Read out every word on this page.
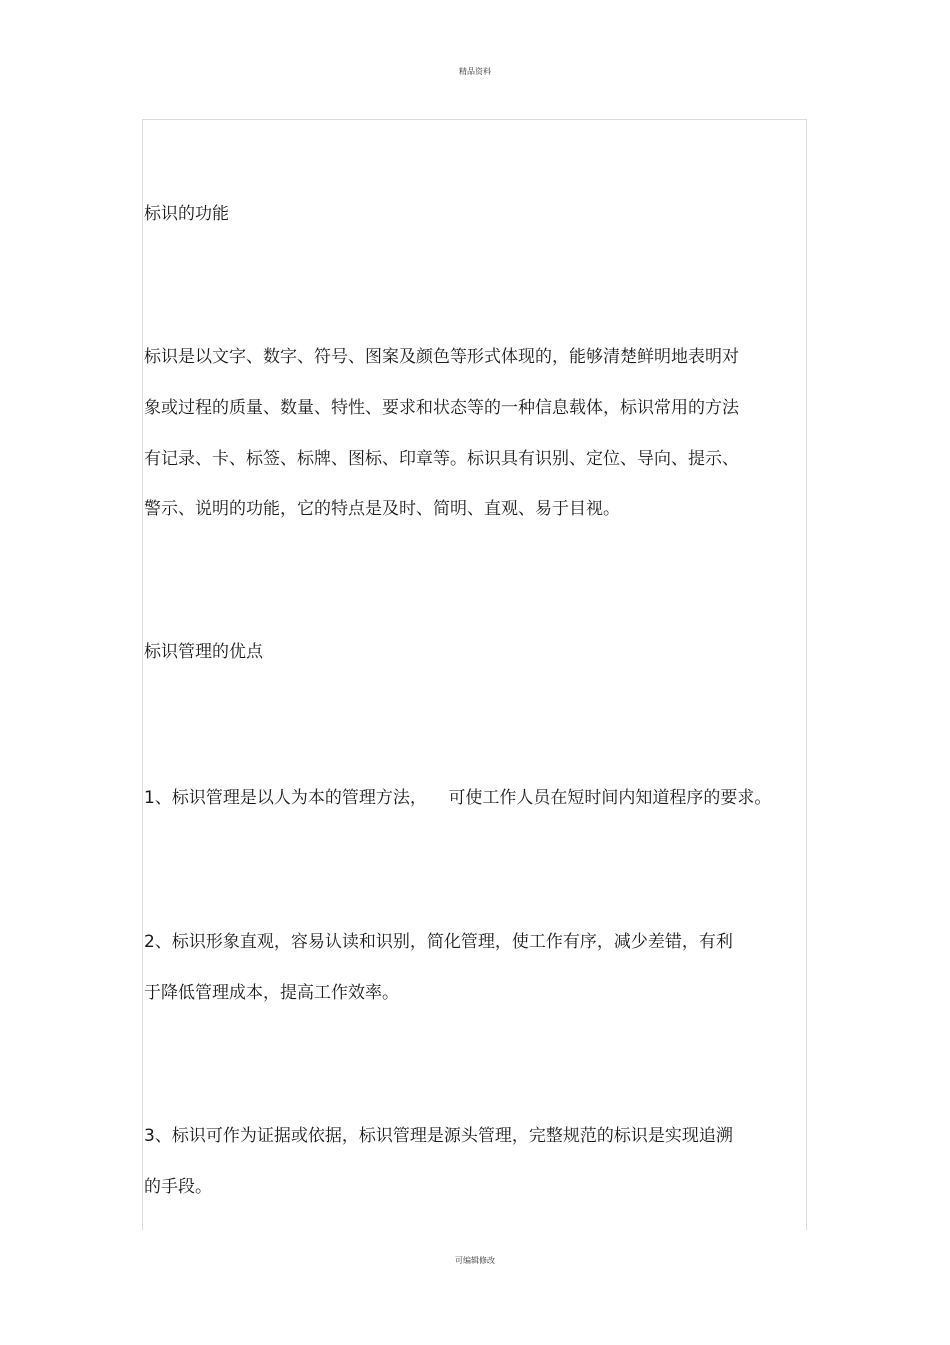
精品资料
标识的功能
标识是以文字、数字、符号、图案及颜色等形式体现的，能够清楚鲜明地表明对
象或过程的质量、数量、特性、要求和状态等的一种信息载体，标识常用的方法
有记录、卡、标签、标牌、图标、印章等。标识具有识别、定位、导向、提示、
警示、说明的功能，它的特点是及时、简明、直观、易于目视。
标识管理的优点
1、标识管理是以人为本的管理方法，    可使工作人员在短时间内知道程序的要求。
2、标识形象直观，容易认读和识别，简化管理，使工作有序，减少差错，有利
于降低管理成本，提高工作效率。
3、标识可作为证据或依据，标识管理是源头管理，完整规范的标识是实现追溯
的手段。
可编辑修改
